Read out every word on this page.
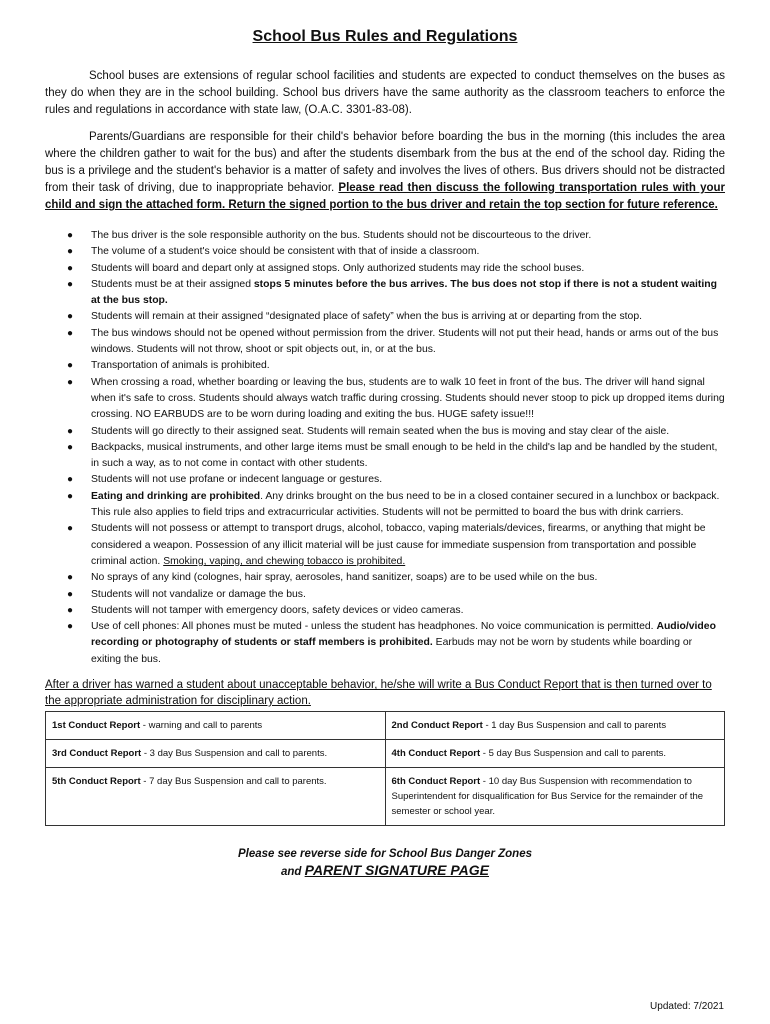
School Bus Rules and Regulations

School buses are extensions of regular school facilities and students are expected to conduct themselves on the buses as they do when they are in the school building. School bus drivers have the same authority as the classroom teachers to enforce the rules and regulations in accordance with state law, (O.A.C. 3301-83-08).

Parents/Guardians are responsible for their child's behavior before boarding the bus in the morning (this includes the area where the children gather to wait for the bus) and after the students disembark from the bus at the end of the school day. Riding the bus is a privilege and the student's behavior is a matter of safety and involves the lives of others. Bus drivers should not be distracted from their task of driving, due to inappropriate behavior. Please read then discuss the following transportation rules with your child and sign the attached form. Return the signed portion to the bus driver and retain the top section for future reference.

● The bus driver is the sole responsible authority on the bus. Students should not be discourteous to the driver.
● The volume of a student's voice should be consistent with that of inside a classroom.
● Students will board and depart only at assigned stops. Only authorized students may ride the school buses.
● Students must be at their assigned stops 5 minutes before the bus arrives. The bus does not stop if there is not a student waiting at the bus stop.
● Students will remain at their assigned “designated place of safety” when the bus is arriving at or departing from the stop.
● The bus windows should not be opened without permission from the driver. Students will not put their head, hands or arms out of the bus windows. Students will not throw, shoot or spit objects out, in, or at the bus.
● Transportation of animals is prohibited.
● When crossing a road, whether boarding or leaving the bus, students are to walk 10 feet in front of the bus. The driver will hand signal when it's safe to cross. Students should always watch traffic during crossing. Students should never stoop to pick up dropped items during crossing. NO EARBUDS are to be worn during loading and exiting the bus. HUGE safety issue!!!
● Students will go directly to their assigned seat. Students will remain seated when the bus is moving and stay clear of the aisle.
● Backpacks, musical instruments, and other large items must be small enough to be held in the child's lap and be handled by the student, in such a way, as to not come in contact with other students.
● Students will not use profane or indecent language or gestures.
● Eating and drinking are prohibited. Any drinks brought on the bus need to be in a closed container secured in a lunchbox or backpack. This rule also applies to field trips and extracurricular activities. Students will not be permitted to board the bus with drink carriers.
● Students will not possess or attempt to transport drugs, alcohol, tobacco, vaping materials/devices, firearms, or anything that might be considered a weapon. Possession of any illicit material will be just cause for immediate suspension from transportation and possible criminal action. Smoking, vaping, and chewing tobacco is prohibited.
● No sprays of any kind (colognes, hair spray, aerosoles, hand sanitizer, soaps) are to be used while on the bus.
● Students will not vandalize or damage the bus.
● Students will not tamper with emergency doors, safety devices or video cameras.
● Use of cell phones: All phones must be muted - unless the student has headphones. No voice communication is permitted. Audio/video recording or photography of students or staff members is prohibited. Earbuds may not be worn by students while boarding or exiting the bus.
After a driver has warned a student about unacceptable behavior, he/she will write a Bus Conduct Report that is then turned over to the appropriate administration for disciplinary action.
1st Conduct Report - warning and call to parents	2nd Conduct Report - 1 day Bus Suspension and call to parents
3rd Conduct Report - 3 day Bus Suspension and call to parents.	4th Conduct Report - 5 day Bus Suspension and call to parents.
5th Conduct Report - 7 day Bus Suspension and call to parents.	6th Conduct Report - 10 day Bus Suspension with recommendation to Superintendent for disqualification for Bus Service for the remainder of the semester or school year.
Please see reverse side for School Bus Danger Zones
and PARENT SIGNATURE PAGE
Updated: 7/2021
